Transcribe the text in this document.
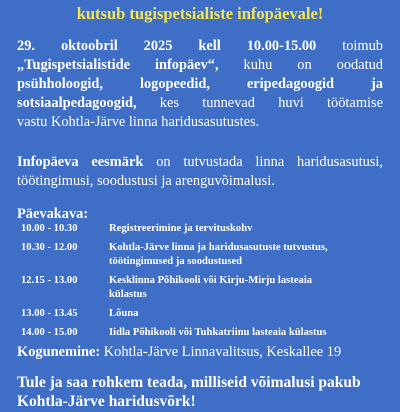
kutsub tugispetsialiste infopäevale!
29. oktoobril 2025 kell 10.00-15.00 toimub
„Tugispetsialistide infopäev“, kuhu on oodatud
psühholoogid,	logopeedid,	eripedagoogid	ja
sotsiaalpedagoogid, kes tunnevad huvi töötamise
vastu Kohtla-Järve linna haridusasutustes.
Infopäeva eesmärk on tutvustada linna haridusasutusi,
töötingimusi, soodustusi ja arenguvõimalusi.
Päevakava:
10.00 - 10.30	Registreerimine ja tervituskohv
10.30 - 12.00	Kohtla-Järve linna ja haridusasutuste tutvustus,
töötingimused ja soodustused
12.15 - 13.00	Kesklinna Põhikooli või Kirju-Mirju lasteaia
külastus
13.00 - 13.45	Lõuna
14.00 - 15.00	Iidla Põhikooli või Tuhkatriinu lasteaia külastus
Kogunemine: Kohtla-Järve Linnavalitsus, Keskallee 19
Tule ja saa rohkem teada, milliseid võimalusi pakub
Kohtla-Järve haridusvõrk!
